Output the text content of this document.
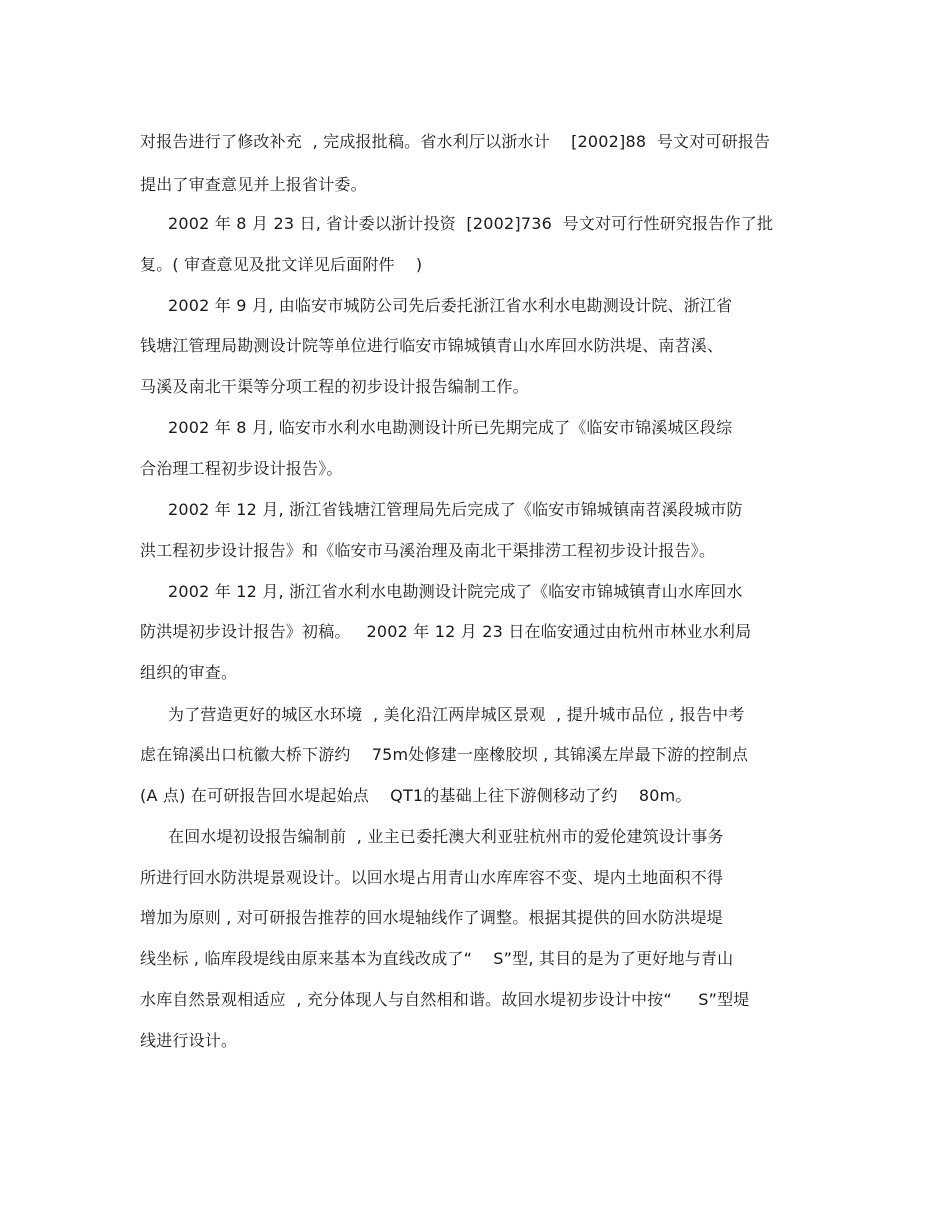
对报告进行了修改补充  , 完成报批稿。省水利厅以浙水计    [2002]88  号文对可研报告
提出了审查意见并上报省计委。
2002 年 8 月 23 日, 省计委以浙计投资  [2002]736  号文对可行性研究报告作了批
复。( 审查意见及批文详见后面附件    )
2002 年 9 月, 由临安市城防公司先后委托浙江省水利水电勘测设计院、浙江省
钱塘江管理局勘测设计院等单位进行临安市锦城镇青山水库回水防洪堤、南苕溪、
马溪及南北干渠等分项工程的初步设计报告编制工作。
2002 年 8 月, 临安市水利水电勘测设计所已先期完成了《临安市锦溪城区段综
合治理工程初步设计报告》。
2002 年 12 月, 浙江省钱塘江管理局先后完成了《临安市锦城镇南苕溪段城市防
洪工程初步设计报告》和《临安市马溪治理及南北干渠排涝工程初步设计报告》。
2002 年 12 月, 浙江省水利水电勘测设计院完成了《临安市锦城镇青山水库回水
防洪堤初步设计报告》初稿。   2002 年 12 月 23 日在临安通过由杭州市林业水利局
组织的审查。
为了营造更好的城区水环境  , 美化沿江两岸城区景观  , 提升城市品位 , 报告中考
虑在锦溪出口杭徽大桥下游约    75m处修建一座橡胶坝 , 其锦溪左岸最下游的控制点
(A 点) 在可研报告回水堤起始点    QT1的基础上往下游侧移动了约    80m。
在回水堤初设报告编制前  , 业主已委托澳大利亚驻杭州市的爱伦建筑设计事务
所进行回水防洪堤景观设计。以回水堤占用青山水库库容不变、堤内土地面积不得
增加为原则 , 对可研报告推荐的回水堤轴线作了调整。根据其提供的回水防洪堤堤
线坐标 , 临库段堤线由原来基本为直线改成了“    S”型, 其目的是为了更好地与青山
水库自然景观相适应  , 充分体现人与自然相和谐。故回水堤初步设计中按“     S”型堤
线进行设计。
